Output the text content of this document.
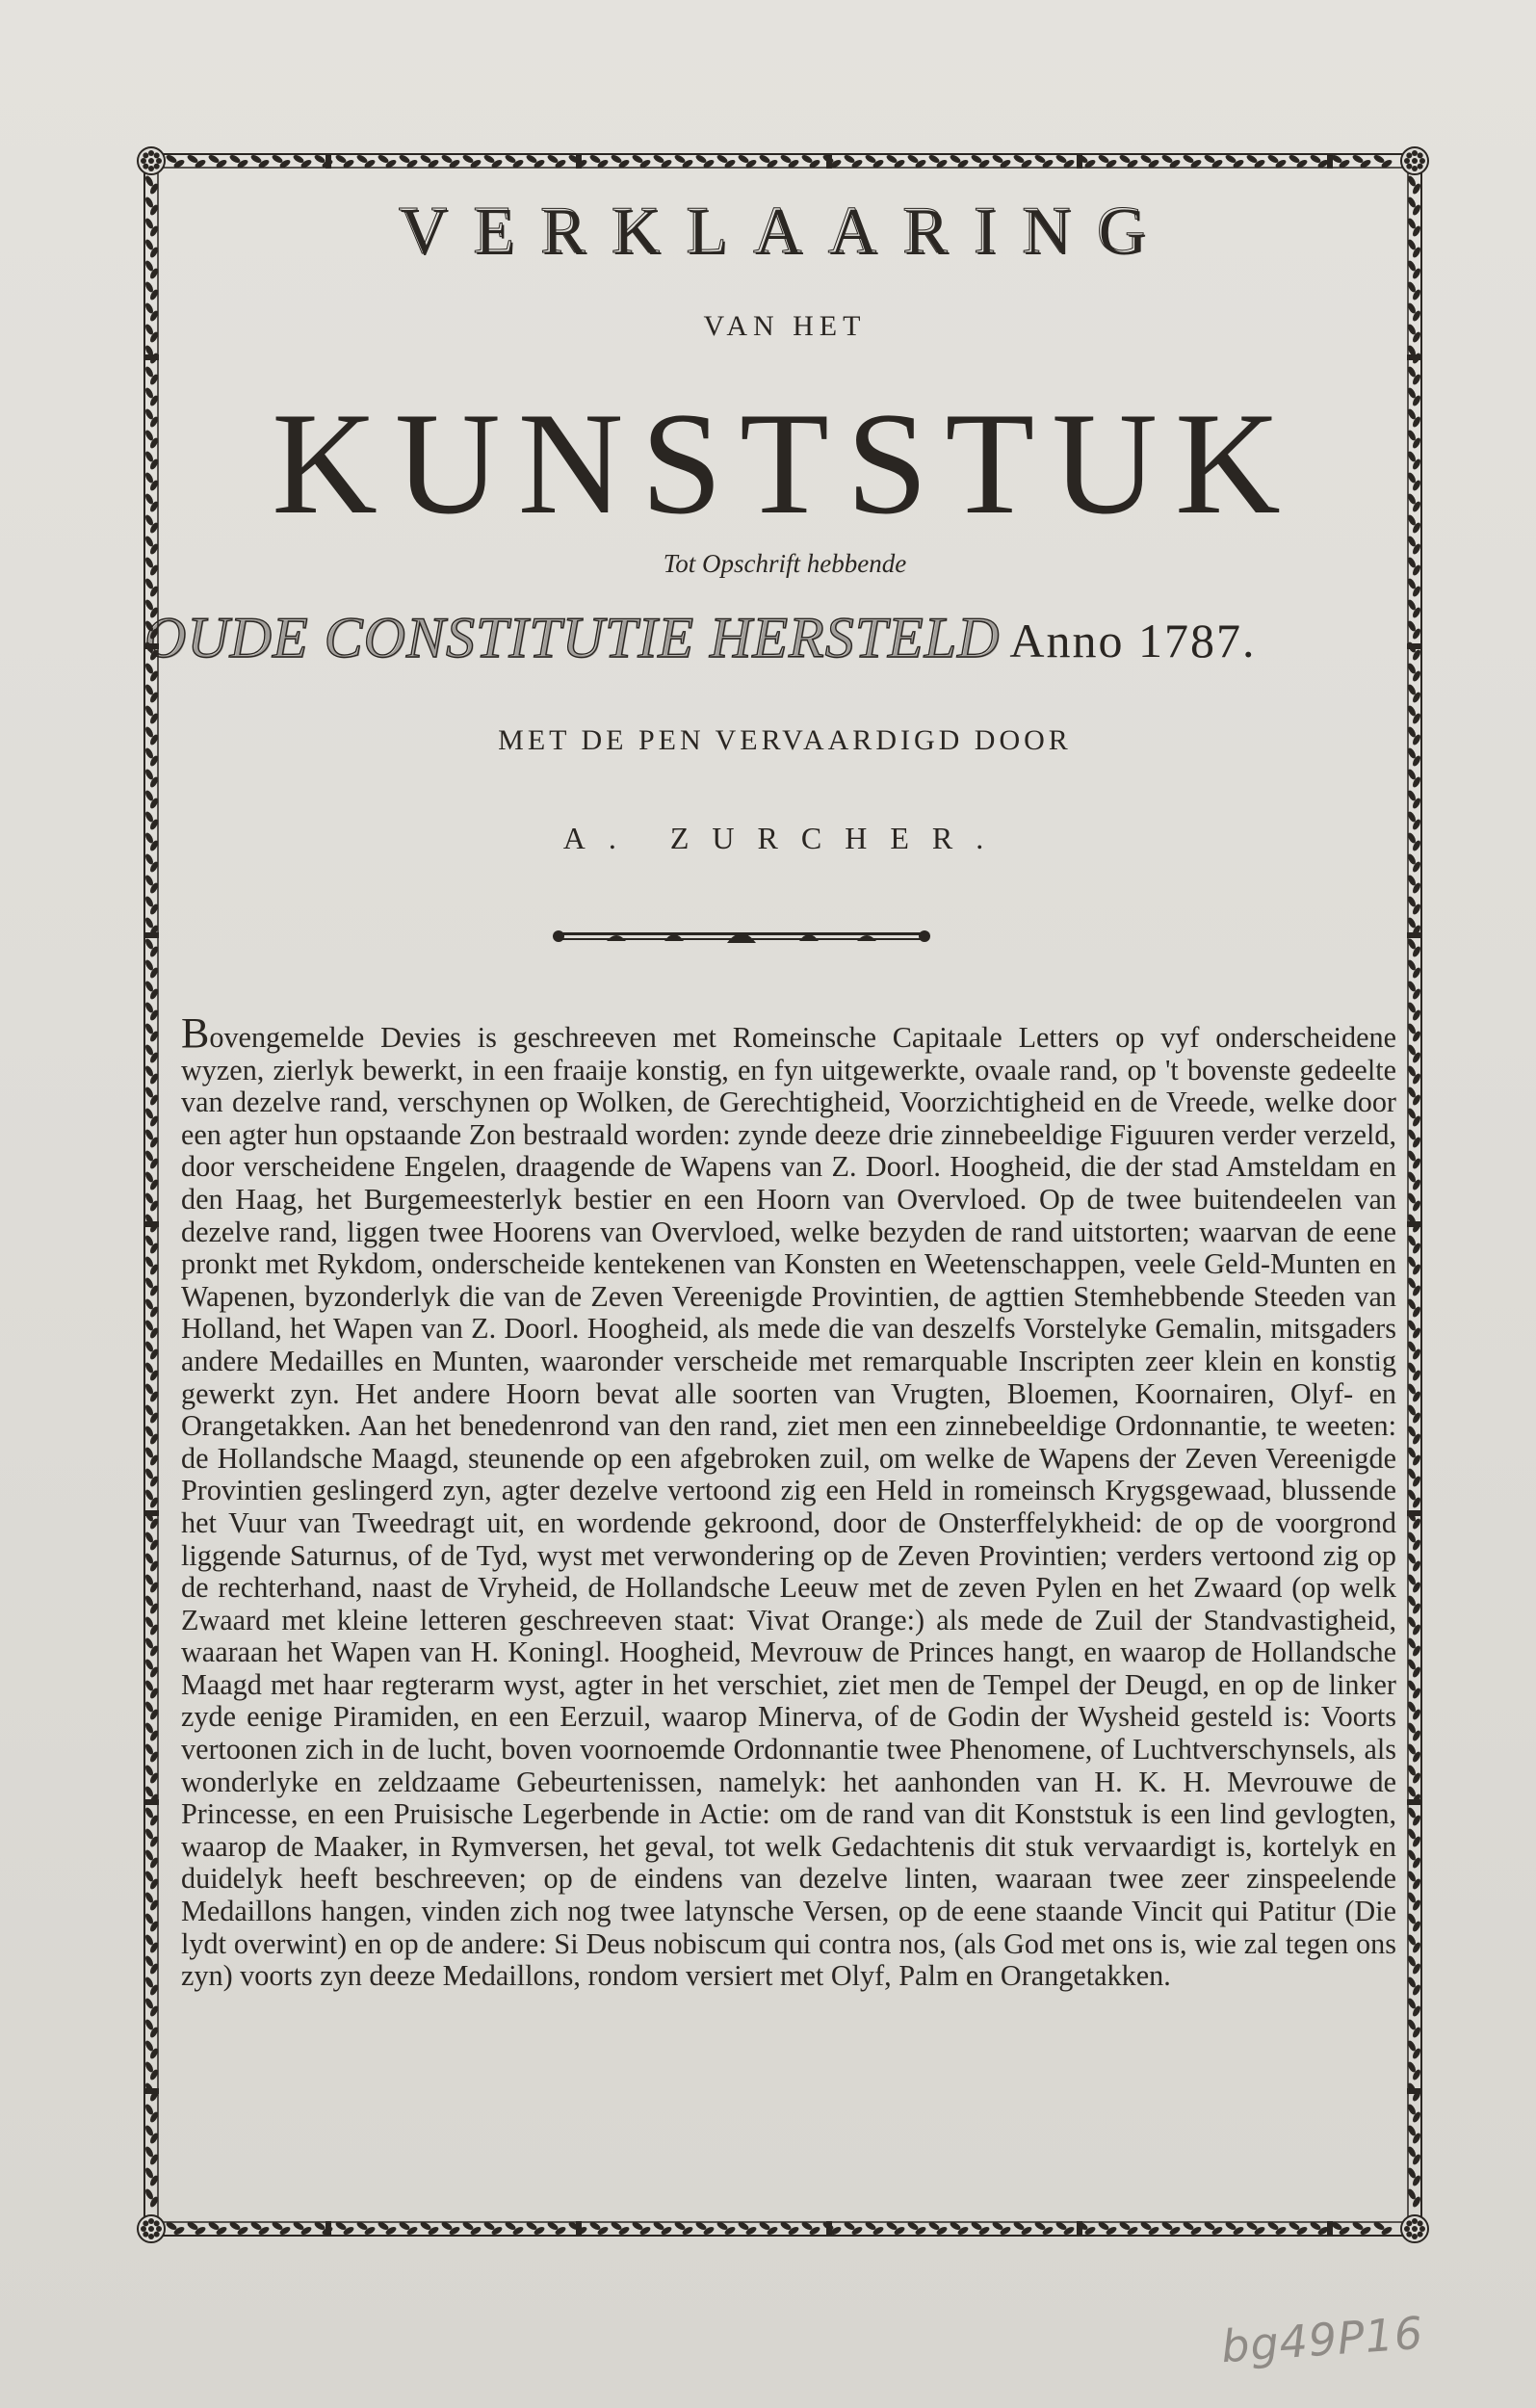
VERKLAARING
VAN HET
KUNSTSTUK
Tot Opschrift hebbende
OUDE CONSTITUTIE HERSTELD Anno 1787.
MET DE PEN VERVAARDIGD DOOR
A. ZURCHER.

Bovengemelde Devies is geschreeven met Romeinsche Capitaale Letters op vyf onderscheidene wyzen, zierlyk bewerkt, in een fraaije konstig, en fyn uitgewerkte, ovaale rand, op 't bovenste gedeelte van dezelve rand, verschynen op Wolken, de Gerechtigheid, Voorzichtigheid en de Vreede, welke door een agter hun opstaande Zon bestraald worden: zynde deeze drie zinnebeeldige Figuuren verder verzeld, door verscheidene Engelen, draagende de Wapens van Z. Doorl. Hoogheid, die der stad Amsteldam en den Haag, het Burgemeesterlyk bestier en een Hoorn van Overvloed. Op de twee buitendeelen van dezelve rand, liggen twee Hoorens van Overvloed, welke bezyden de rand uitstorten; waarvan de eene pronkt met Rykdom, onderscheide kentekenen van Konsten en Weetenschappen, veele Geld-Munten en Wapenen, byzonderlyk die van de Zeven Vereenigde Provintien, de agttien Stemhebbende Steeden van Holland, het Wapen van Z. Doorl. Hoogheid, als mede die van deszelfs Vorstelyke Gemalin, mitsgaders andere Medailles en Munten, waaronder verscheide met remarquable Inscripten zeer klein en konstig gewerkt zyn. Het andere Hoorn bevat alle soorten van Vrugten, Bloemen, Koornairen, Olyf- en Orangetakken. Aan het benedenrond van den rand, ziet men een zinnebeeldige Ordonnantie, te weeten: de Hollandsche Maagd, steunende op een afgebroken zuil, om welke de Wapens der Zeven Vereenigde Provintien geslingerd zyn, agter dezelve vertoond zig een Held in romeinsch Krygsgewaad, blussende het Vuur van Tweedragt uit, en wordende gekroond, door de Onsterffelykheid: de op de voorgrond liggende Saturnus, of de Tyd, wyst met verwondering op de Zeven Provintien; verders vertoond zig op de rechterhand, naast de Vryheid, de Hollandsche Leeuw met de zeven Pylen en het Zwaard (op welk Zwaard met kleine letteren geschreeven staat: Vivat Orange:) als mede de Zuil der Standvastigheid, waaraan het Wapen van H. Koningl. Hoogheid, Mevrouw de Princes hangt, en waarop de Hollandsche Maagd met haar regterarm wyst, agter in het verschiet, ziet men de Tempel der Deugd, en op de linker zyde eenige Piramiden, en een Eerzuil, waarop Minerva, of de Godin der Wysheid gesteld is: Voorts vertoonen zich in de lucht, boven voornoemde Ordonnantie twee Phenomene, of Luchtverschynsels, als wonderlyke en zeldzaame Gebeurtenissen, namelyk: het aanhonden van H. K. H. Mevrouwe de Princesse, en een Pruisische Legerbende in Actie: om de rand van dit Konststuk is een lind gevlogten, waarop de Maaker, in Rymversen, het geval, tot welk Gedachtenis dit stuk vervaardigt is, kortelyk en duidelyk heeft beschreeven; op de eindens van dezelve linten, waaraan twee zeer zinspeelende Medaillons hangen, vinden zich nog twee latynsche Versen, op de eene staande Vincit qui Patitur (Die lydt overwint) en op de andere: Si Deus nobiscum qui contra nos, (als God met ons is, wie zal tegen ons zyn) voorts zyn deeze Medaillons, rondom versiert met Olyf, Palm en Orangetakken.

bg49P16
